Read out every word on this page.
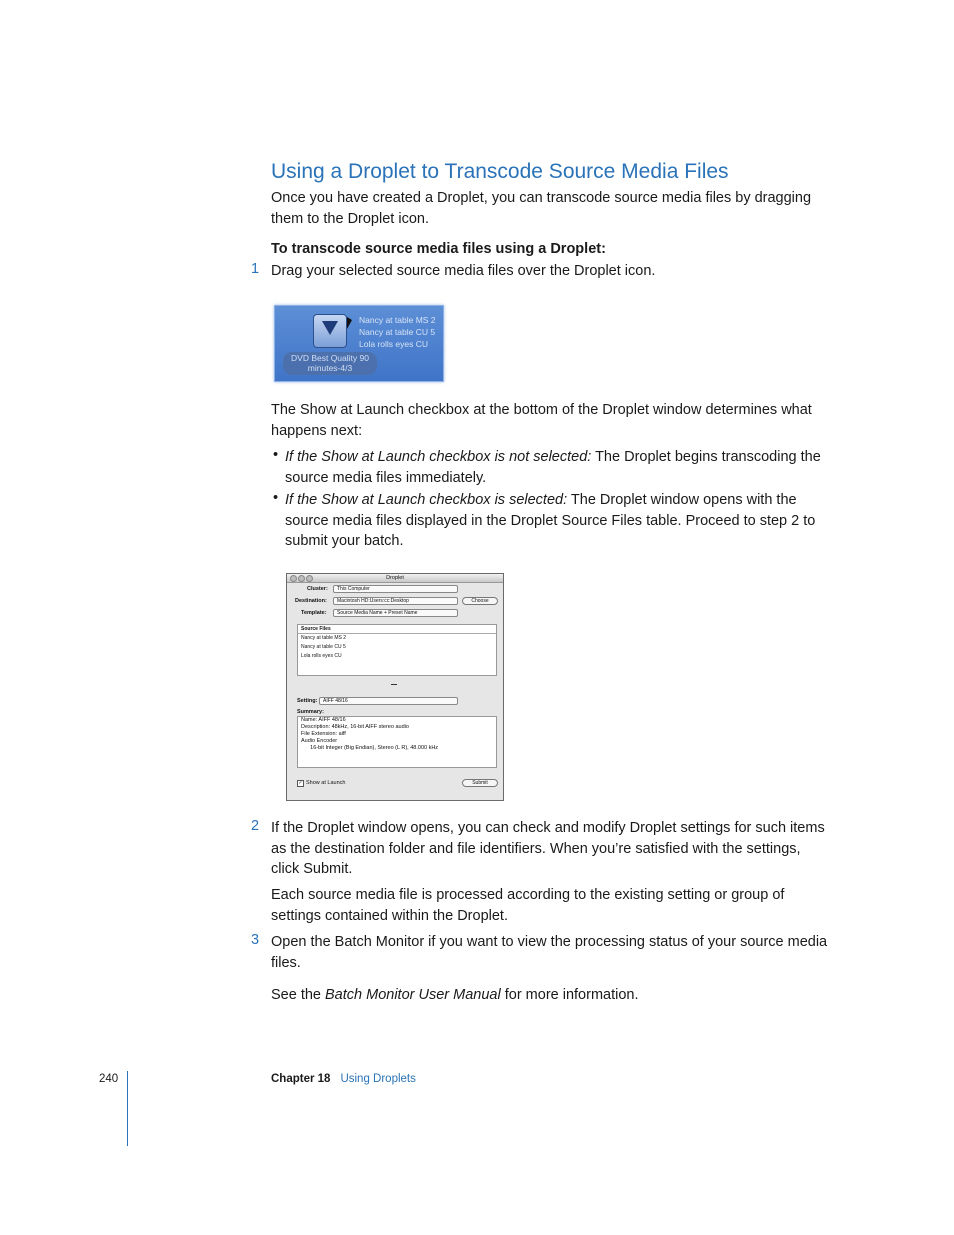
Using a Droplet to Transcode Source Media Files
Once you have created a Droplet, you can transcode source media files by dragging them to the Droplet icon.
To transcode source media files using a Droplet:
1 Drag your selected source media files over the Droplet icon.
Nancy at table MS 2
Nancy at table CU 5
Lola rolls eyes CU
DVD Best Quality 90
minutes-4/3
The Show at Launch checkbox at the bottom of the Droplet window determines what happens next:
• If the Show at Launch checkbox is not selected: The Droplet begins transcoding the source media files immediately.
• If the Show at Launch checkbox is selected: The Droplet window opens with the source media files displayed in the Droplet Source Files table. Proceed to step 2 to submit your batch.
Droplet
Cluster:	This Computer
Destination:	Macintosh HD:Users:cc:Desktop	Choose
Template:	Source Media Name + Preset Name
Source Files
Nancy at table MS 2
Nancy at table CU 5
Lola rolls eyes CU
Setting:	AIFF 48/16
Summary:
Name: AIFF 48/16
Description: 48kHz, 16-bit AIFF stereo audio
File Extension: aiff
Audio Encoder
16-bit Integer (Big Endian), Stereo (L R), 48.000 kHz
✓ Show at Launch	Submit
2 If the Droplet window opens, you can check and modify Droplet settings for such items as the destination folder and file identifiers. When you’re satisfied with the settings, click Submit.
Each source media file is processed according to the existing setting or group of settings contained within the Droplet.
3 Open the Batch Monitor if you want to view the processing status of your source media files.
See the Batch Monitor User Manual for more information.
240	Chapter 18 Using Droplets
